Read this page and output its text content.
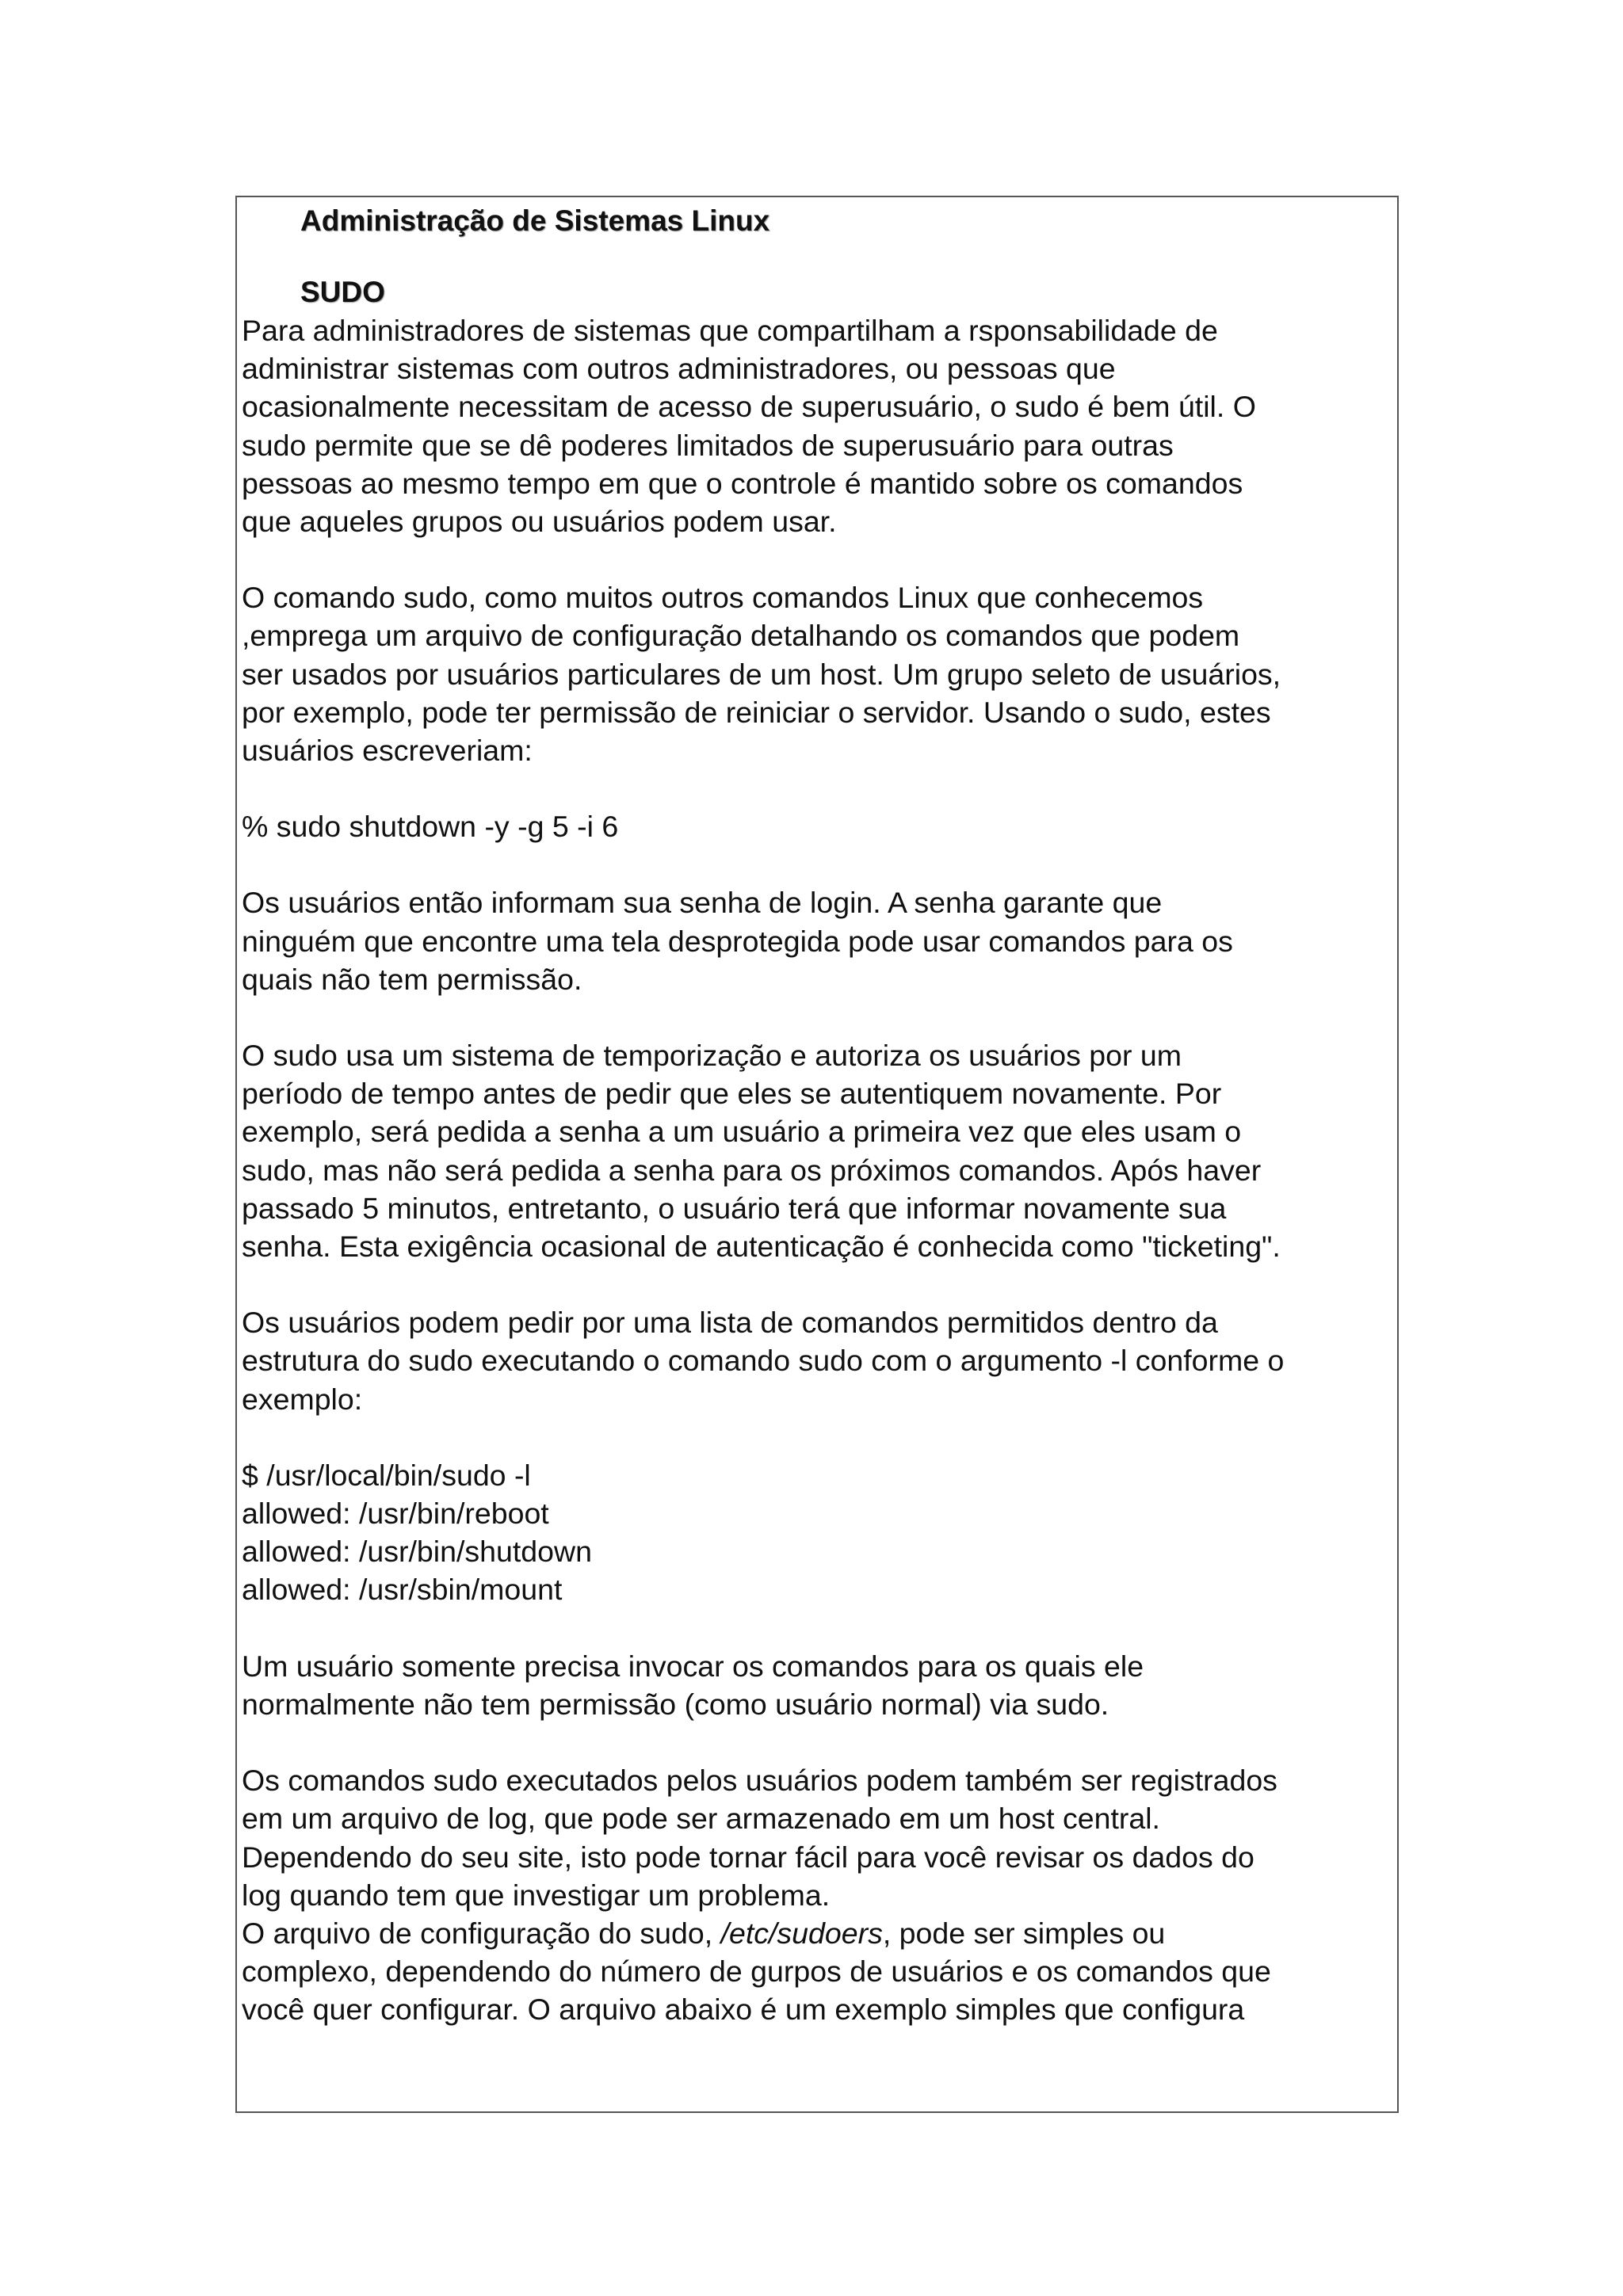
Administração de Sistemas Linux
SUDO

Para administradores de sistemas que compartilham a rsponsabilidade de
administrar sistemas com outros administradores, ou pessoas que
ocasionalmente necessitam de acesso de superusuário, o sudo é bem útil. O
sudo permite que se dê poderes limitados de superusuário para outras
pessoas ao mesmo tempo em que o controle é mantido sobre os comandos
que aqueles grupos ou usuários podem usar.

O comando sudo, como muitos outros comandos Linux que conhecemos
,emprega um arquivo de configuração detalhando os comandos que podem
ser usados por usuários particulares de um host. Um grupo seleto de usuários,
por exemplo, pode ter permissão de reiniciar o servidor. Usando o sudo, estes
usuários escreveriam:

% sudo shutdown -y -g 5 -i 6

Os usuários então informam sua senha de login. A senha garante que
ninguém que encontre uma tela desprotegida pode usar comandos para os
quais não tem permissão.

O sudo usa um sistema de temporização e autoriza os usuários por um
período de tempo antes de pedir que eles se autentiquem novamente. Por
exemplo, será pedida a senha a um usuário a primeira vez que eles usam o
sudo, mas não será pedida a senha para os próximos comandos. Após haver
passado 5 minutos, entretanto, o usuário terá que informar novamente sua
senha. Esta exigência ocasional de autenticação é conhecida como "ticketing".

Os usuários podem pedir por uma lista de comandos permitidos dentro da
estrutura do sudo executando o comando sudo com o argumento -l conforme o
exemplo:

$ /usr/local/bin/sudo -l
allowed: /usr/bin/reboot
allowed: /usr/bin/shutdown
allowed: /usr/sbin/mount

Um usuário somente precisa invocar os comandos para os quais ele
normalmente não tem permissão (como usuário normal) via sudo.

Os comandos sudo executados pelos usuários podem também ser registrados
em um arquivo de log, que pode ser armazenado em um host central.
Dependendo do seu site, isto pode tornar fácil para você revisar os dados do
log quando tem que investigar um problema.

O arquivo de configuração do sudo, /etc/sudoers, pode ser simples ou
complexo, dependendo do número de gurpos de usuários e os comandos que
você quer configurar. O arquivo abaixo é um exemplo simples que configura
